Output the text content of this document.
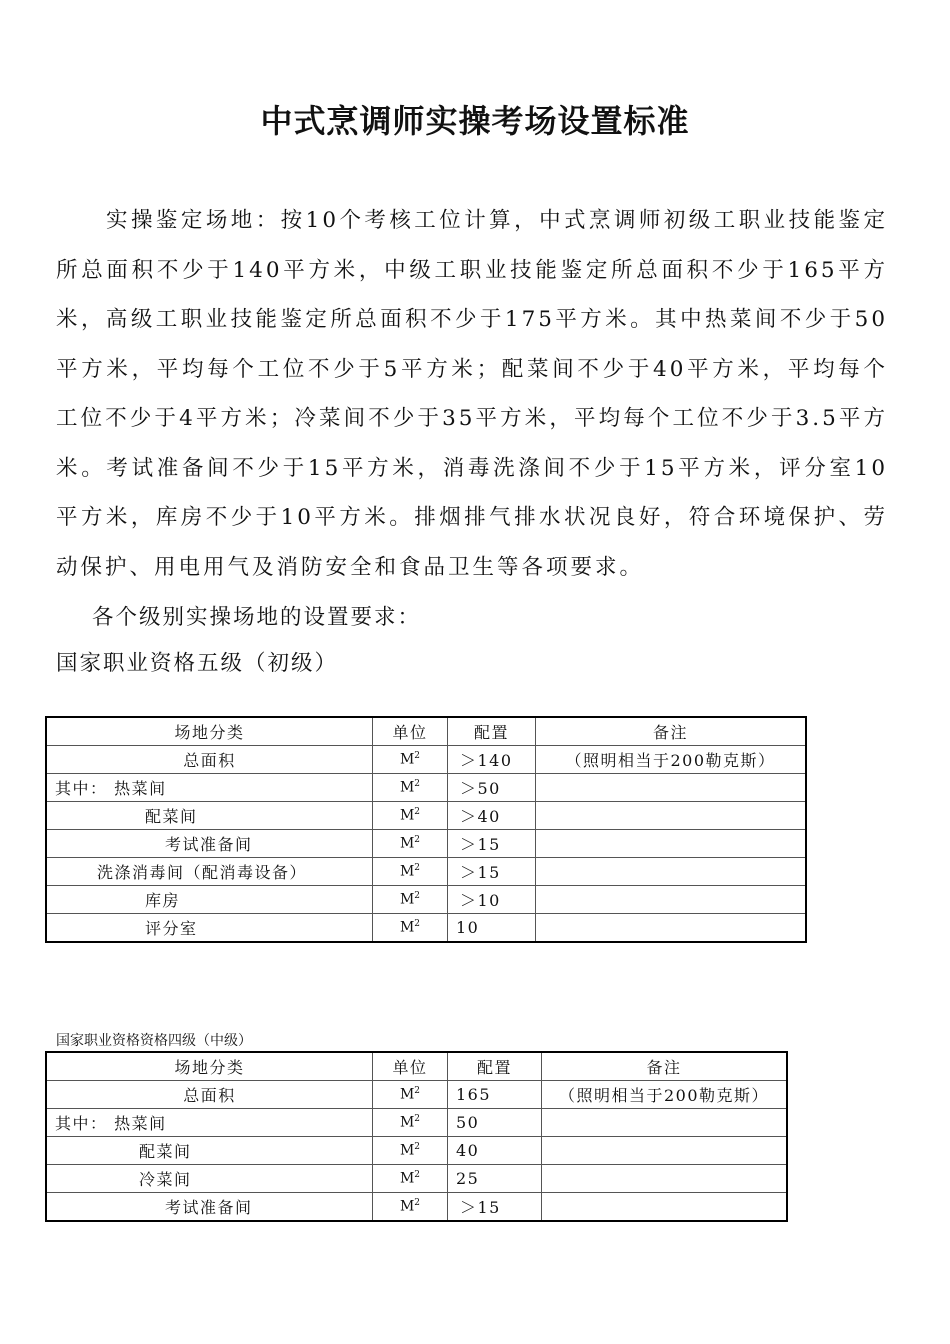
中式烹调师实操考场设置标准

实操鉴定场地：按10个考核工位计算，中式烹调师初级工职业技能鉴定所总面积不少于140平方米，中级工职业技能鉴定所总面积不少于165平方米，高级工职业技能鉴定所总面积不少于175平方米。其中热菜间不少于50平方米，平均每个工位不少于5平方米；配菜间不少于40平方米，平均每个工位不少于4平方米；冷菜间不少于35平方米，平均每个工位不少于3.5平方米。考试准备间不少于15平方米，消毒洗涤间不少于15平方米，评分室10平方米，库房不少于10平方米。排烟排气排水状况良好，符合环境保护、劳动保护、用电用气及消防安全和食品卫生等各项要求。

各个级别实操场地的设置要求：

国家职业资格五级（初级）

场地分类	单位	配置	备注
总面积	$M^2$	＞140	（照明相当于200勒克斯）
其中： 热菜间	$M^2$	＞50	
配菜间	$M^2$	＞40	
考试准备间	$M^2$	＞15	
洗涤消毒间（配消毒设备）	$M^2$	＞15	
库房	$M^2$	＞10	
评分室	$M^2$	10	

国家职业资格资格四级（中级）

场地分类	单位	配置	备注
总面积	$M^2$	165	（照明相当于200勒克斯）
其中： 热菜间	$M^2$	50	
配菜间	$M^2$	40	
冷菜间	$M^2$	25	
考试准备间	$M^2$	＞15	
